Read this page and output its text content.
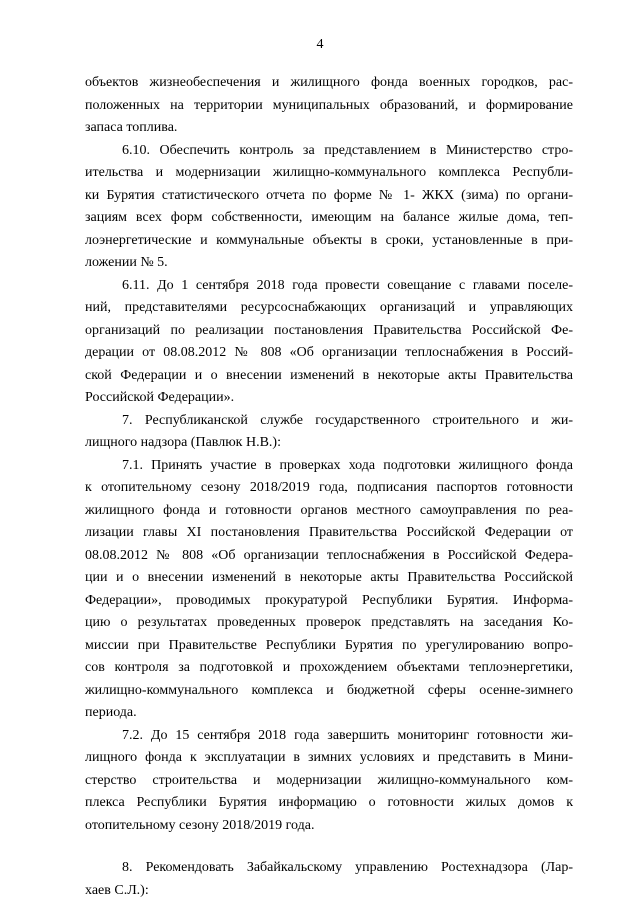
4

объектов жизнеобеспечения и жилищного фонда военных городков, рас-
положенных на территории муниципальных образований, и формирование
запаса топлива.

6.10. Обеспечить контроль за представлением в Министерство стро-
ительства и модернизации жилищно-коммунального комплекса Республи-
ки Бурятия статистического отчета по форме № 1- ЖКХ (зима) по органи-
зациям всех форм собственности, имеющим на балансе жилые дома, теп-
лоэнергетические и коммунальные объекты в сроки, установленные в при-
ложении № 5.

6.11. До 1 сентября 2018 года провести совещание с главами поселе-
ний, представителями ресурсоснабжающих организаций и управляющих
организаций по реализации постановления Правительства Российской Фе-
дерации от 08.08.2012 № 808 «Об организации теплоснабжения в Россий-
ской Федерации и о внесении изменений в некоторые акты Правительства
Российской Федерации».

7. Республиканской службе государственного строительного и жи-
лищного надзора (Павлюк Н.В.):

7.1. Принять участие в проверках хода подготовки жилищного фонда
к отопительному сезону 2018/2019 года, подписания паспортов готовности
жилищного фонда и готовности органов местного самоуправления по реа-
лизации главы XI постановления Правительства Российской Федерации от
08.08.2012 № 808 «Об организации теплоснабжения в Российской Федера-
ции и о внесении изменений в некоторые акты Правительства Российской
Федерации», проводимых прокуратурой Республики Бурятия. Информа-
цию о результатах проведенных проверок представлять на заседания Ко-
миссии при Правительстве Республики Бурятия по урегулированию вопро-
сов контроля за подготовкой и прохождением объектами теплоэнергетики,
жилищно-коммунального комплекса и бюджетной сферы осенне-зимнего
периода.

7.2. До 15 сентября 2018 года завершить мониторинг готовности жи-
лищного фонда к эксплуатации в зимних условиях и представить в Мини-
стерство строительства и модернизации жилищно-коммунального ком-
плекса Республики Бурятия информацию о готовности жилых домов к
отопительному сезону 2018/2019 года.

8. Рекомендовать Забайкальскому управлению Ростехнадзора (Лар-
хаев С.Л.):
